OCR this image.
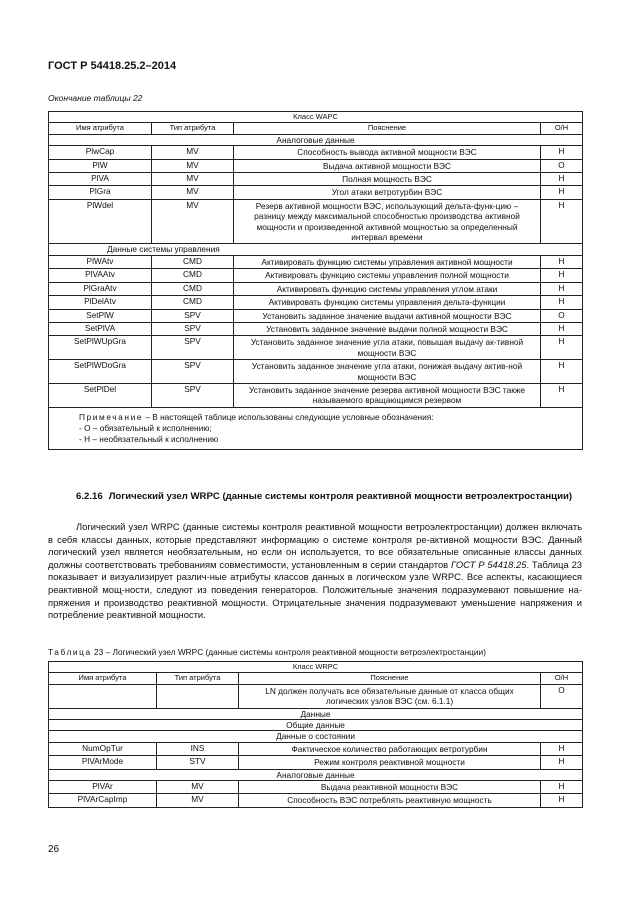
ГОСТ Р 54418.25.2–2014
Окончание таблицы 22
Класс WAPC			
Имя атрибута	Тип атрибута	Пояснение	О/Н
Аналоговые данные			
PlwCap	MV	Способность вывода активной мощности ВЭС	Н
PlW	MV	Выдача активной мощности ВЭС	О
PlVA	MV	Полная мощность ВЭС	Н
PlGra	MV	Угол атаки ветротурбин ВЭС	Н
PlWdel	MV	Резерв активной мощности ВЭС, использующий дельта-функ-цию – разницу между максимальной способностью производства активной мощности и произведенной активной мощностью за определенный интервал времени	Н
Данные системы управления			
PlWAtv	CMD	Активировать функцию системы управления активной мощности	Н
PlVAAtv	CMD	Активировать функцию системы управления полной мощности	Н
PlGraAtv	CMD	Активировать функцию системы управления углом атаки	Н
PlDelAtv	CMD	Активировать функцию системы управления дельта-функции	Н
SetPlW	SPV	Установить заданное значение выдачи активной мощности ВЭС	О
SetPlVA	SPV	Установить заданное значение выдачи полной мощности ВЭС	Н
SetPlWUpGra	SPV	Установить заданное значение угла атаки, повышая выдачу ак-тивной мощности ВЭС	Н
SetPlWDoGra	SPV	Установить заданное значение угла атаки, понижая выдачу актив-ной мощности ВЭС	Н
SetPlDel	SPV	Установить заданное значение резерва активной мощности ВЭС также называемого вращающимся резервом	Н

Примечание – В настоящей таблице использованы следующие условные обозначения:
- О – обязательный к исполнению;
- Н – необязательный к исполнению			
6.2.16 Логический узел WRPC (данные системы контроля реактивной мощности ветроэлектростанции)

Логический узел WRPC (данные системы контроля реактивной мощности ветроэлектростанции) должен включать в себя классы данных, которые представляют информацию о системе контроля ре-активной мощности ВЭС. Данный логический узел является необязательным, но если он используется, то все обязательные описанные классы данных должны соответствовать требованиям совместимости, установленным в серии стандартов ГОСТ Р 54418.25. Таблица 23 показывает и визуализирует различ-ные атрибуты классов данных в логическом узле WRPC. Все аспекты, касающиеся реактивной мощ-ности, следуют из поведения генераторов. Положительные значения подразумевают повышение на-пряжения и производство реактивной мощности. Отрицательные значения подразумевают уменьшение напряжения и потребление реактивной мощности.

Таблица 23 – Логический узел WRPC (данные системы контроля реактивной мощности ветроэлектростанции)
Класс WRPC			
Имя атрибута	Тип атрибута	Пояснение	О/Н
		LN должен получать все обязательные данные от класса общих логических узлов ВЭС (см. 6.1.1)	О
Данные			
Общие данные			
Данные о состоянии			
NumOpTur	INS	Фактическое количество работающих ветротурбин	Н
PlVArMode	STV	Режим контроля реактивной мощности	Н
Аналоговые данные			
PlVAr	MV	Выдача реактивной мощности ВЭС	Н
PlVArCapImp	MV	Способность ВЭС потреблять реактивную мощность	Н
26
